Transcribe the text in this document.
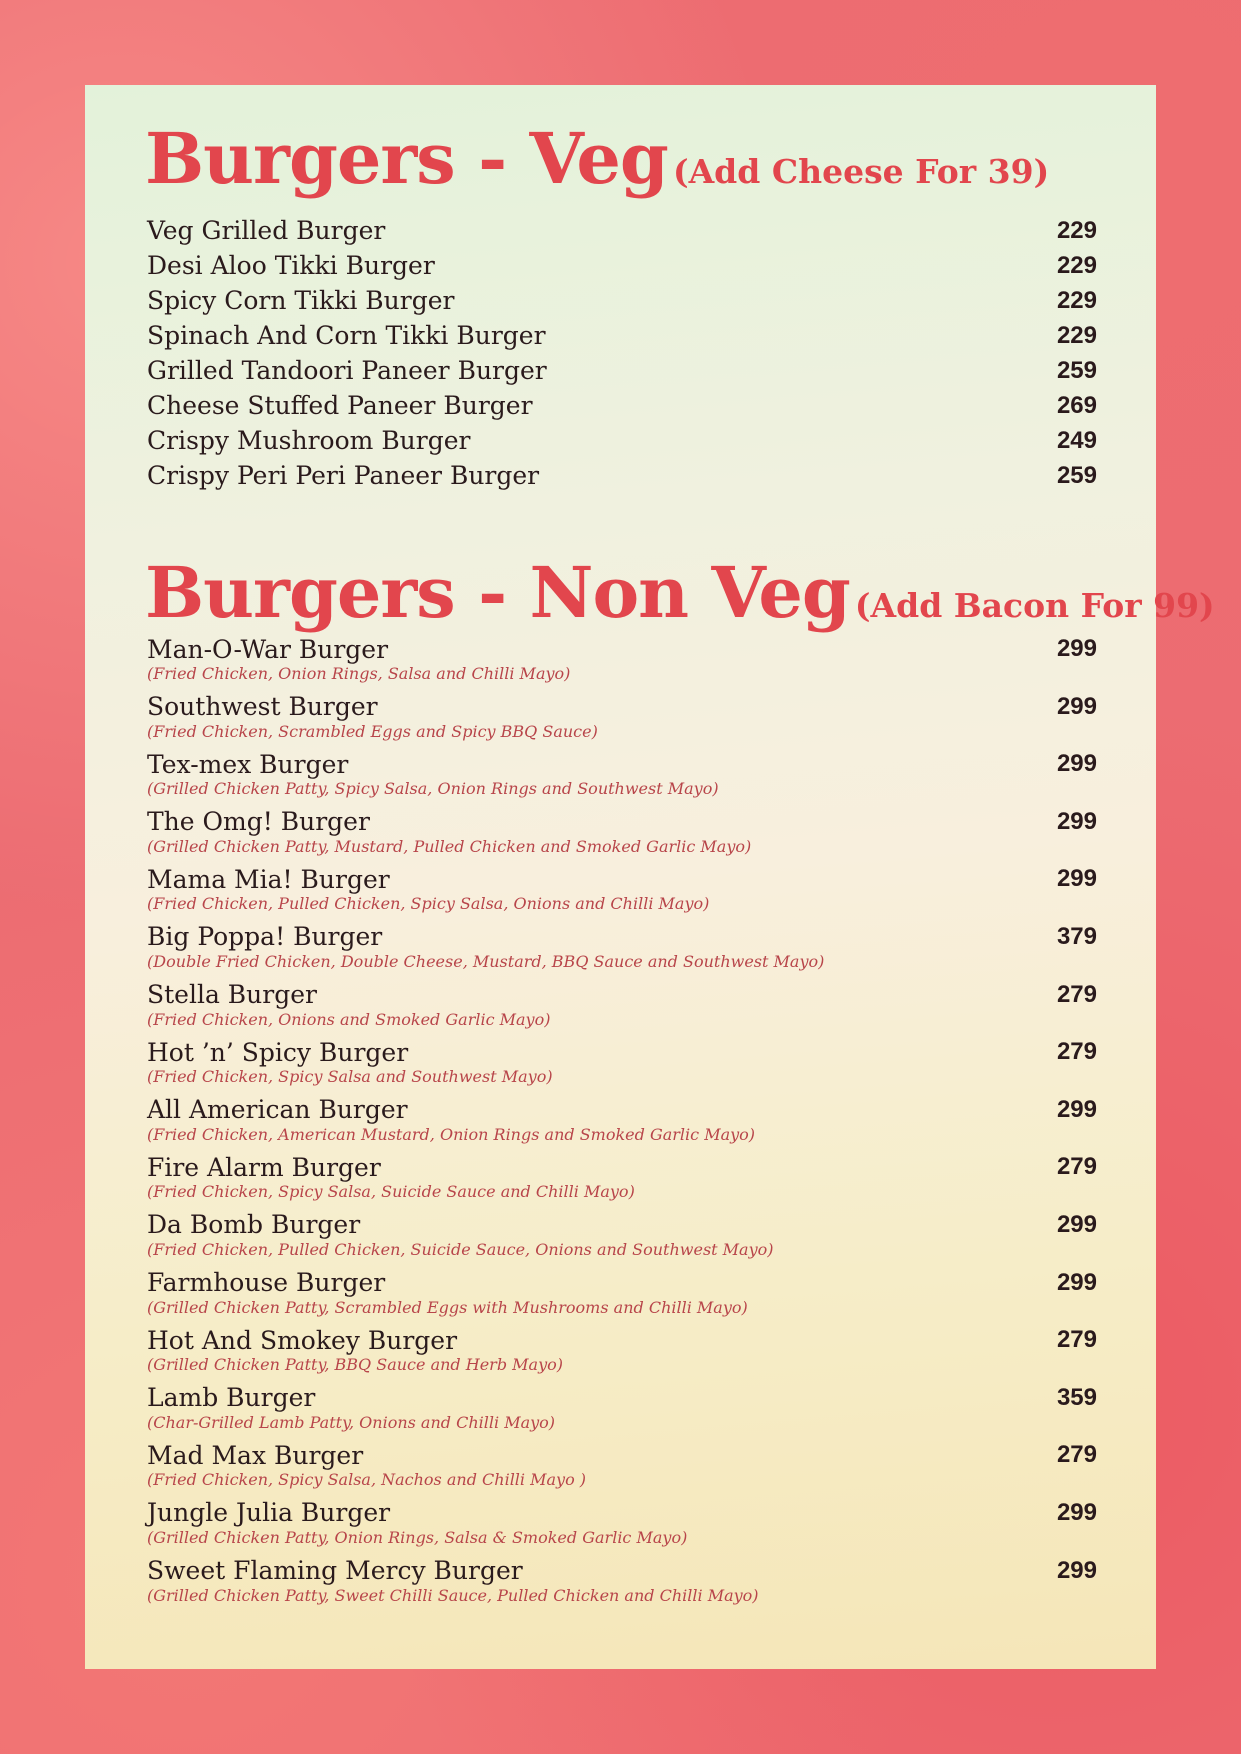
Burgers - Veg (Add Cheese For 39)
Veg Grilled Burger	229
Desi Aloo Tikki Burger	229
Spicy Corn Tikki Burger	229
Spinach And Corn Tikki Burger	229
Grilled Tandoori Paneer Burger	259
Cheese Stuffed Paneer Burger	269
Crispy Mushroom Burger	249
Crispy Peri Peri Paneer Burger	259
Burgers - Non Veg (Add Bacon For 99)
Man-O-War Burger	299
(Fried Chicken, Onion Rings, Salsa and Chilli Mayo)
Southwest Burger	299
(Fried Chicken, Scrambled Eggs and Spicy BBQ Sauce)
Tex-mex Burger	299
(Grilled Chicken Patty, Spicy Salsa, Onion Rings and Southwest Mayo)
The Omg! Burger	299
(Grilled Chicken Patty, Mustard, Pulled Chicken and Smoked Garlic Mayo)
Mama Mia! Burger	299
(Fried Chicken, Pulled Chicken, Spicy Salsa, Onions and Chilli Mayo)
Big Poppa! Burger	379
(Double Fried Chicken, Double Cheese, Mustard, BBQ Sauce and Southwest Mayo)
Stella Burger	279
(Fried Chicken, Onions and Smoked Garlic Mayo)
Hot ’n’ Spicy Burger	279
(Fried Chicken, Spicy Salsa and Southwest Mayo)
All American Burger	299
(Fried Chicken, American Mustard, Onion Rings and Smoked Garlic Mayo)
Fire Alarm Burger	279
(Fried Chicken, Spicy Salsa, Suicide Sauce and Chilli Mayo)
Da Bomb Burger	299
(Fried Chicken, Pulled Chicken, Suicide Sauce, Onions and Southwest Mayo)
Farmhouse Burger	299
(Grilled Chicken Patty, Scrambled Eggs with Mushrooms and Chilli Mayo)
Hot And Smokey Burger	279
(Grilled Chicken Patty, BBQ Sauce and Herb Mayo)
Lamb Burger	359
(Char-Grilled Lamb Patty, Onions and Chilli Mayo)
Mad Max Burger	279
(Fried Chicken, Spicy Salsa, Nachos and Chilli Mayo )
Jungle Julia Burger	299
(Grilled Chicken Patty, Onion Rings, Salsa & Smoked Garlic Mayo)
Sweet Flaming Mercy Burger	299
(Grilled Chicken Patty, Sweet Chilli Sauce, Pulled Chicken and Chilli Mayo)
